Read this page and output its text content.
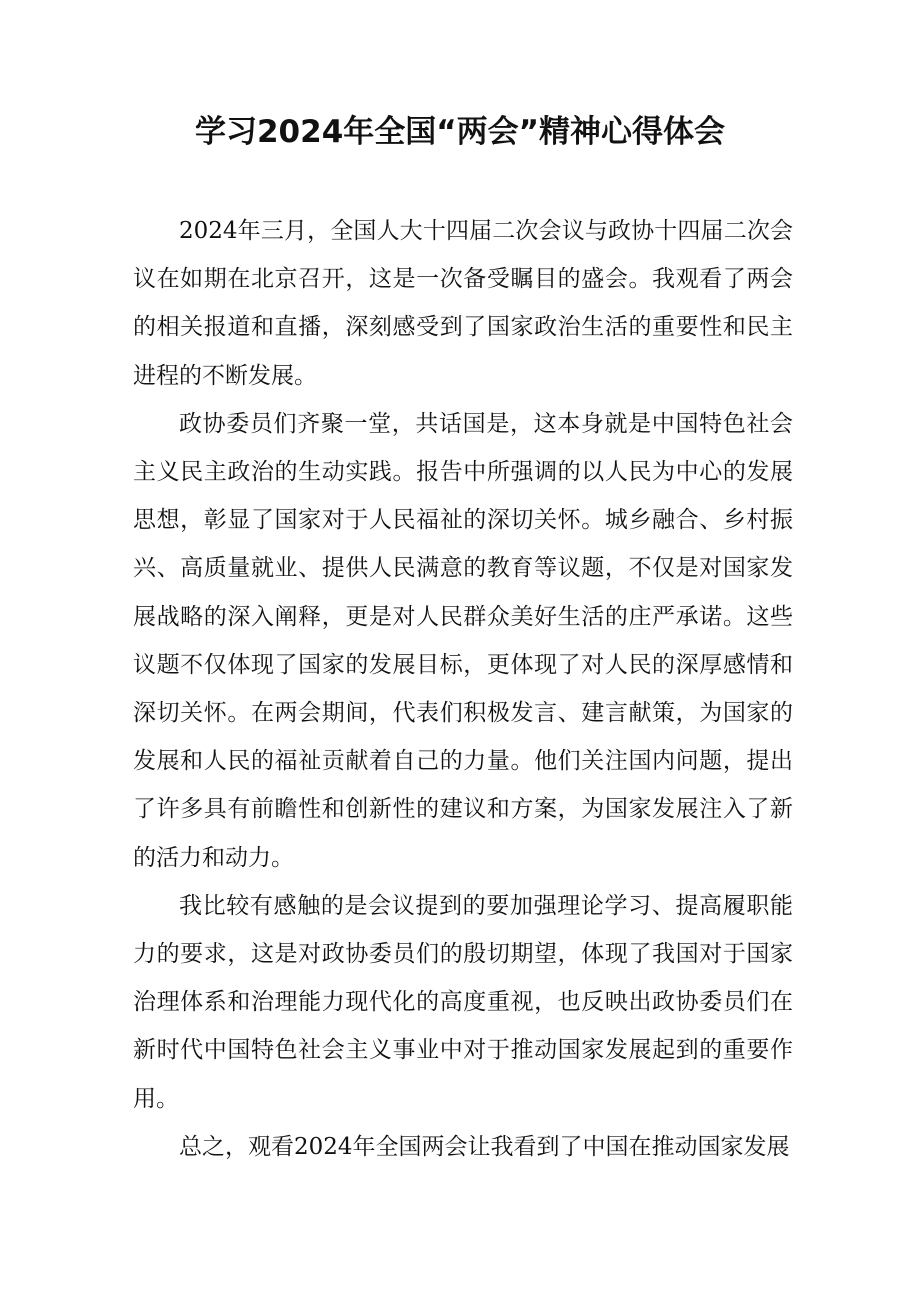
学习2024年全国“两会”精神心得体会

2024年三月，全国人大十四届二次会议与政协十四届二次会议在如期在北京召开，这是一次备受瞩目的盛会。我观看了两会的相关报道和直播，深刻感受到了国家政治生活的重要性和民主进程的不断发展。

政协委员们齐聚一堂，共话国是，这本身就是中国特色社会主义民主政治的生动实践。报告中所强调的以人民为中心的发展思想，彰显了国家对于人民福祉的深切关怀。城乡融合、乡村振兴、高质量就业、提供人民满意的教育等议题，不仅是对国家发展战略的深入阐释，更是对人民群众美好生活的庄严承诺。这些议题不仅体现了国家的发展目标，更体现了对人民的深厚感情和深切关怀。在两会期间，代表们积极发言、建言献策，为国家的发展和人民的福祉贡献着自己的力量。他们关注国内问题，提出了许多具有前瞻性和创新性的建议和方案，为国家发展注入了新的活力和动力。

我比较有感触的是会议提到的要加强理论学习、提高履职能力的要求，这是对政协委员们的殷切期望，体现了我国对于国家治理体系和治理能力现代化的高度重视，也反映出政协委员们在新时代中国特色社会主义事业中对于推动国家发展起到的重要作用。

总之，观看2024年全国两会让我看到了中国在推动国家发展
